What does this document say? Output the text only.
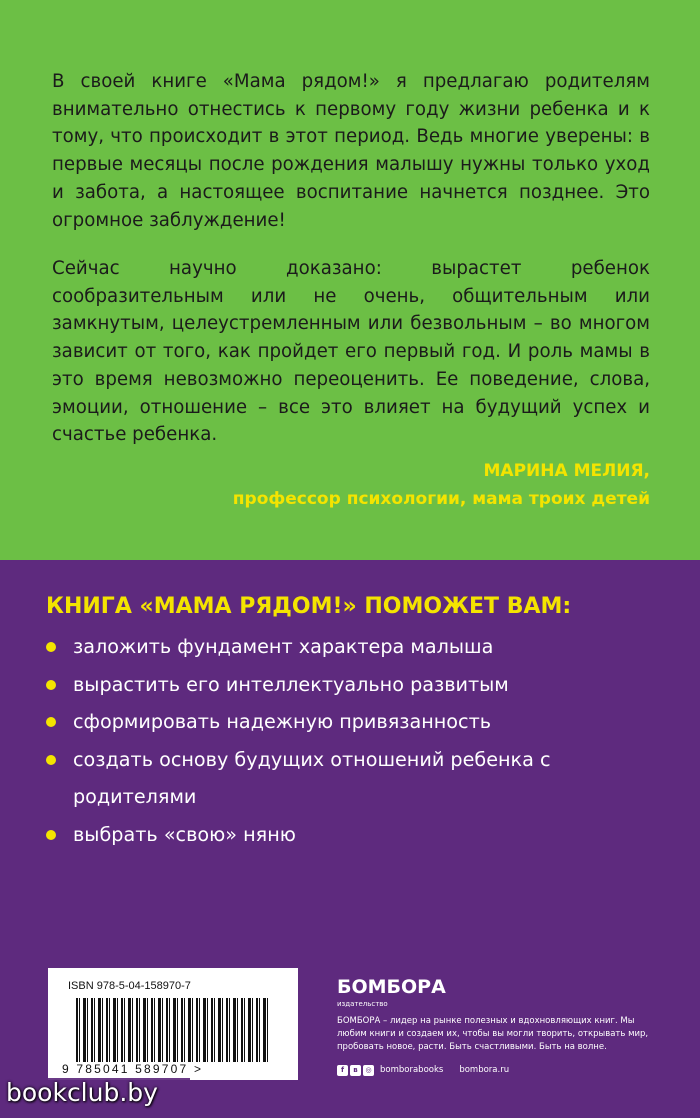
В своей книге «Мама рядом!» я предлагаю родителям внимательно отнестись к первому году жизни ребенка и к тому, что происходит в этот период. Ведь многие уверены: в первые месяцы после рождения малышу нужны только уход и забота, а настоящее воспитание начнется позднее. Это огромное заблуждение!

Сейчас научно доказано: вырастет ребенок сообразительным или не очень, общительным или замкнутым, целеустремленным или безвольным – во многом зависит от того, как пройдет его первый год. И роль мамы в это время невозможно переоценить. Ее поведение, слова, эмоции, отношение – все это влияет на будущий успех и счастье ребенка.

МАРИНА МЕЛИЯ,
профессор психологии, мама троих детей
КНИГА «МАМА РЯДОМ!» ПОМОЖЕТ ВАМ:
заложить фундамент характера малыша
вырастить его интеллектуально развитым
сформировать надежную привязанность
создать основу будущих отношений ребенка с родителями
выбрать «свою» няню
ISBN 978-5-04-158970-7
9 785041 589707 >
БОМБОРА
издательство
БОМБОРА – лидер на рынке полезных и вдохновляющих книг. Мы любим книги и создаем их, чтобы вы могли творить, открывать мир, пробовать новое, расти. Быть счастливыми. Быть на волне.
f	в	◎ bomborabooks bombora.ru
bookclub.by
